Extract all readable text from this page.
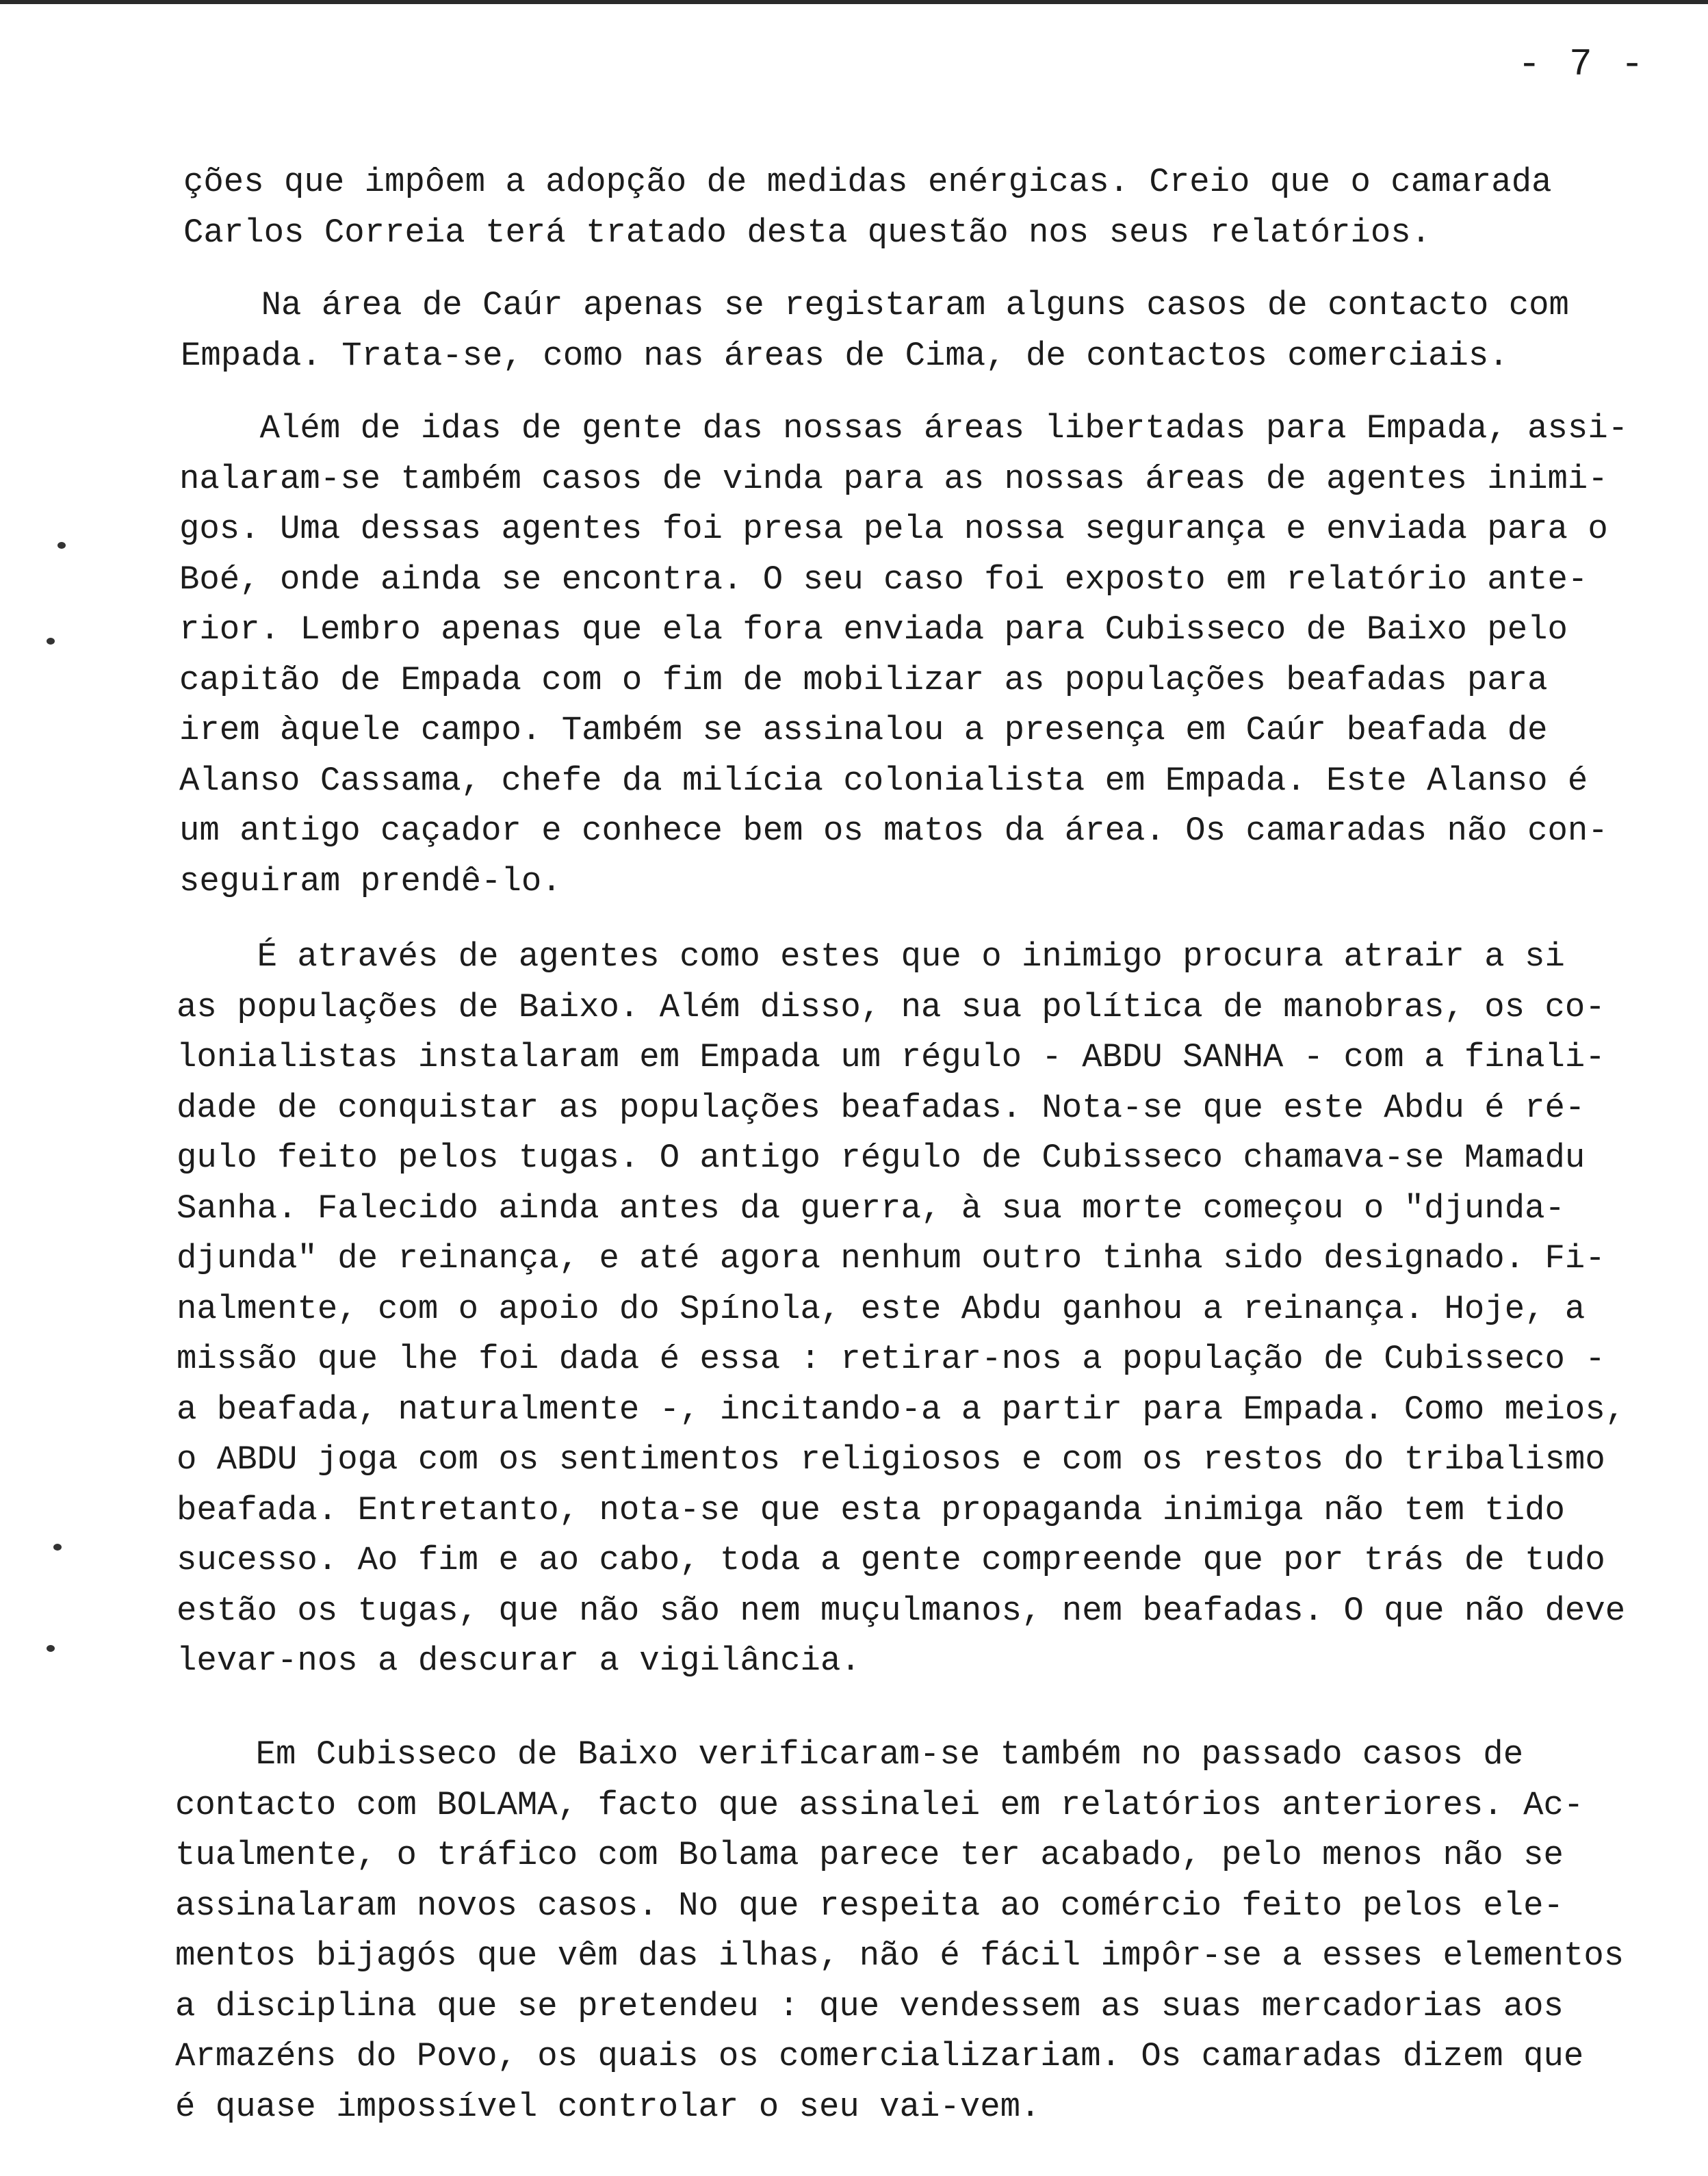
- 7 -
ções que impôem a adopção de medidas enérgicas. Creio que o camarada
Carlos Correia terá tratado desta questão nos seus relatórios.
Na área de Caúr apenas se registaram alguns casos de contacto com
Empada. Trata-se, como nas áreas de Cima, de contactos comerciais.
Além de idas de gente das nossas áreas libertadas para Empada, assi-
nalaram-se também casos de vinda para as nossas áreas de agentes inimi-
gos. Uma dessas agentes foi presa pela nossa segurança e enviada para o
Boé, onde ainda se encontra. O seu caso foi exposto em relatório ante-
rior. Lembro apenas que ela fora enviada para Cubisseco de Baixo pelo
capitão de Empada com o fim de mobilizar as populações beafadas para
irem àquele campo. Também se assinalou a presença em Caúr beafada de
Alanso Cassama, chefe da milícia colonialista em Empada. Este Alanso é
um antigo caçador e conhece bem os matos da área. Os camaradas não con-
seguiram prendê-lo.
É através de agentes como estes que o inimigo procura atrair a si
as populações de Baixo. Além disso, na sua política de manobras, os co-
lonialistas instalaram em Empada um régulo - ABDU SANHA - com a finali-
dade de conquistar as populações beafadas. Nota-se que este Abdu é ré-
gulo feito pelos tugas. O antigo régulo de Cubisseco chamava-se Mamadu
Sanha. Falecido ainda antes da guerra, à sua morte começou o "djunda-
djunda" de reinança, e até agora nenhum outro tinha sido designado. Fi-
nalmente, com o apoio do Spínola, este Abdu ganhou a reinança. Hoje, a
missão que lhe foi dada é essa : retirar-nos a população de Cubisseco -
a beafada, naturalmente -, incitando-a a partir para Empada. Como meios,
o ABDU joga com os sentimentos religiosos e com os restos do tribalismo
beafada. Entretanto, nota-se que esta propaganda inimiga não tem tido
sucesso. Ao fim e ao cabo, toda a gente compreende que por trás de tudo
estão os tugas, que não são nem muçulmanos, nem beafadas. O que não deve
levar-nos a descurar a vigilância.
Em Cubisseco de Baixo verificaram-se também no passado casos de
contacto com BOLAMA, facto que assinalei em relatórios anteriores. Ac-
tualmente, o tráfico com Bolama parece ter acabado, pelo menos não se
assinalaram novos casos. No que respeita ao comércio feito pelos ele-
mentos bijagós que vêm das ilhas, não é fácil impôr-se a esses elementos
a disciplina que se pretendeu : que vendessem as suas mercadorias aos
Armazéns do Povo, os quais os comercializariam. Os camaradas dizem que
é quase impossível controlar o seu vai-vem.
